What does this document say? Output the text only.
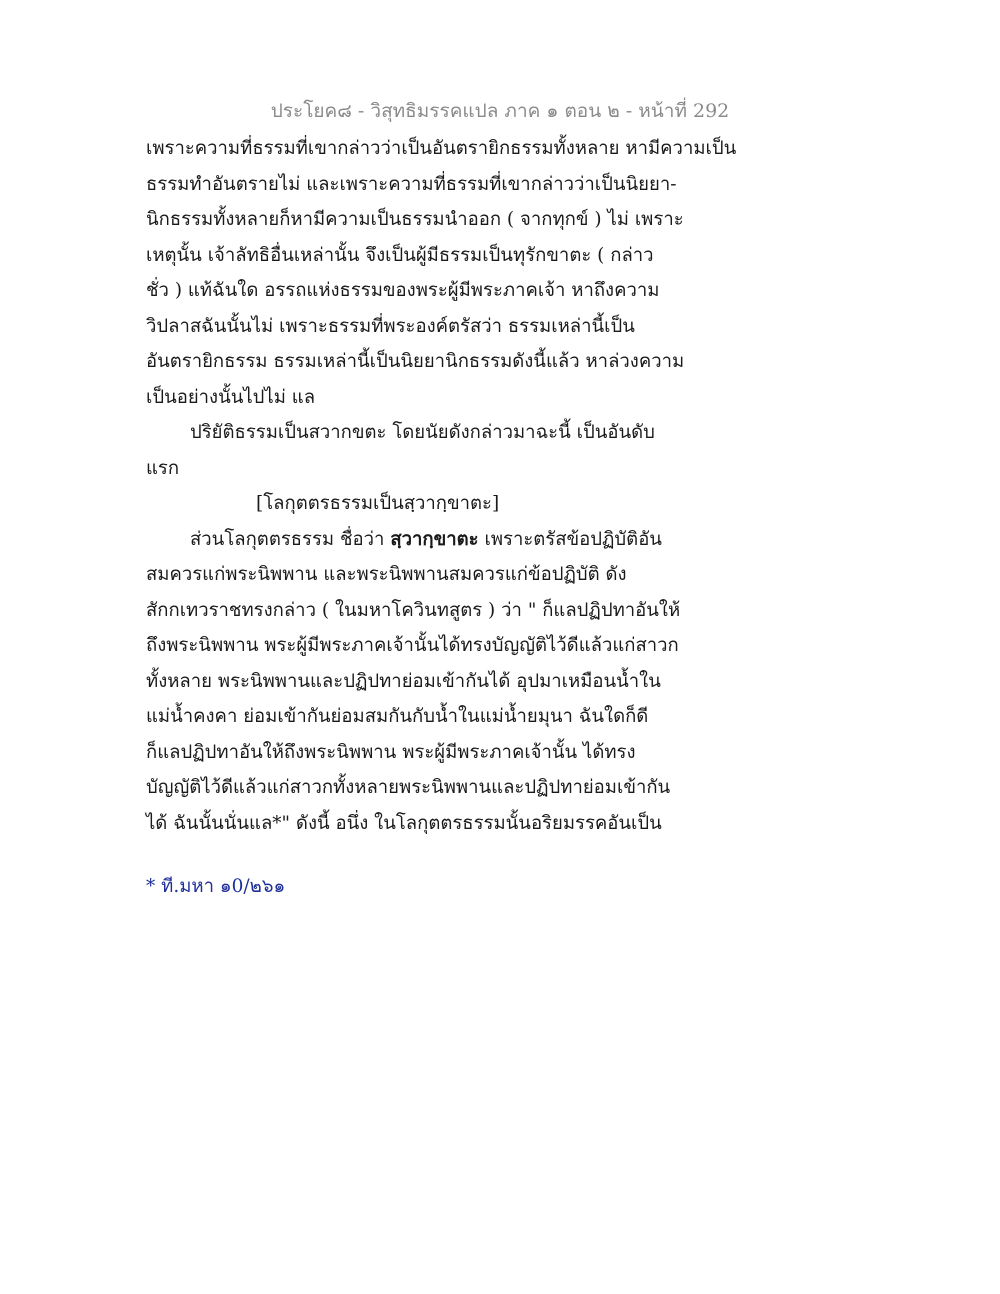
ประโยค๘ - วิสุทธิมรรคแปล ภาค ๑ ตอน ๒ - หน้าที่ 292
เพราะความที่ธรรมที่เขากล่าวว่าเป็นอันตรายิกธรรมทั้งหลาย หามีความเป็น
ธรรมทำอันตรายไม่ และเพราะความที่ธรรมที่เขากล่าวว่าเป็นนิยยา-
นิกธรรมทั้งหลายก็หามีความเป็นธรรมนำออก ( จากทุกข์ ) ไม่ เพราะ
เหตุนั้น เจ้าลัทธิอื่นเหล่านั้น จึงเป็นผู้มีธรรมเป็นทุรักขาตะ ( กล่าว
ชั่ว ) แท้ฉันใด อรรถแห่งธรรมของพระผู้มีพระภาคเจ้า หาถึงความ
วิปลาสฉันนั้นไม่ เพราะธรรมที่พระองค์ตรัสว่า ธรรมเหล่านี้เป็น
อันตรายิกธรรม ธรรมเหล่านี้เป็นนิยยานิกธรรมดังนี้แล้ว หาล่วงความ
เป็นอย่างนั้นไปไม่ แล
ปริยัติธรรมเป็นสวากขตะ โดยนัยดังกล่าวมาฉะนี้ เป็นอันดับ
แรก
[โลกุตตรธรรมเป็นสฺวากฺขาตะ]
ส่วนโลกุตตรธรรม ชื่อว่า สฺวากฺขาตะ เพราะตรัสข้อปฏิบัติอัน
สมควรแก่พระนิพพาน และพระนิพพานสมควรแก่ข้อปฏิบัติ ดัง
สักกเทวราชทรงกล่าว ( ในมหาโควินทสูตร ) ว่า " ก็แลปฏิปทาอันให้
ถึงพระนิพพาน พระผู้มีพระภาคเจ้านั้นได้ทรงบัญญัติไว้ดีแล้วแก่สาวก
ทั้งหลาย พระนิพพานและปฏิปทาย่อมเข้ากันได้ อุปมาเหมือนน้ำใน
แม่น้ำคงคา ย่อมเข้ากันย่อมสมกันกับน้ำในแม่น้ำยมุนา ฉันใดก็ดี
ก็แลปฏิปทาอันให้ถึงพระนิพพาน พระผู้มีพระภาคเจ้านั้น ได้ทรง
บัญญัติไว้ดีแล้วแก่สาวกทั้งหลายพระนิพพานและปฏิปทาย่อมเข้ากัน
ได้ ฉันนั้นนั่นแล*" ดังนี้ อนึ่ง ในโลกุตตรธรรมนั้นอริยมรรคอันเป็น
* ที.มหา ๑0/๒๖๑
